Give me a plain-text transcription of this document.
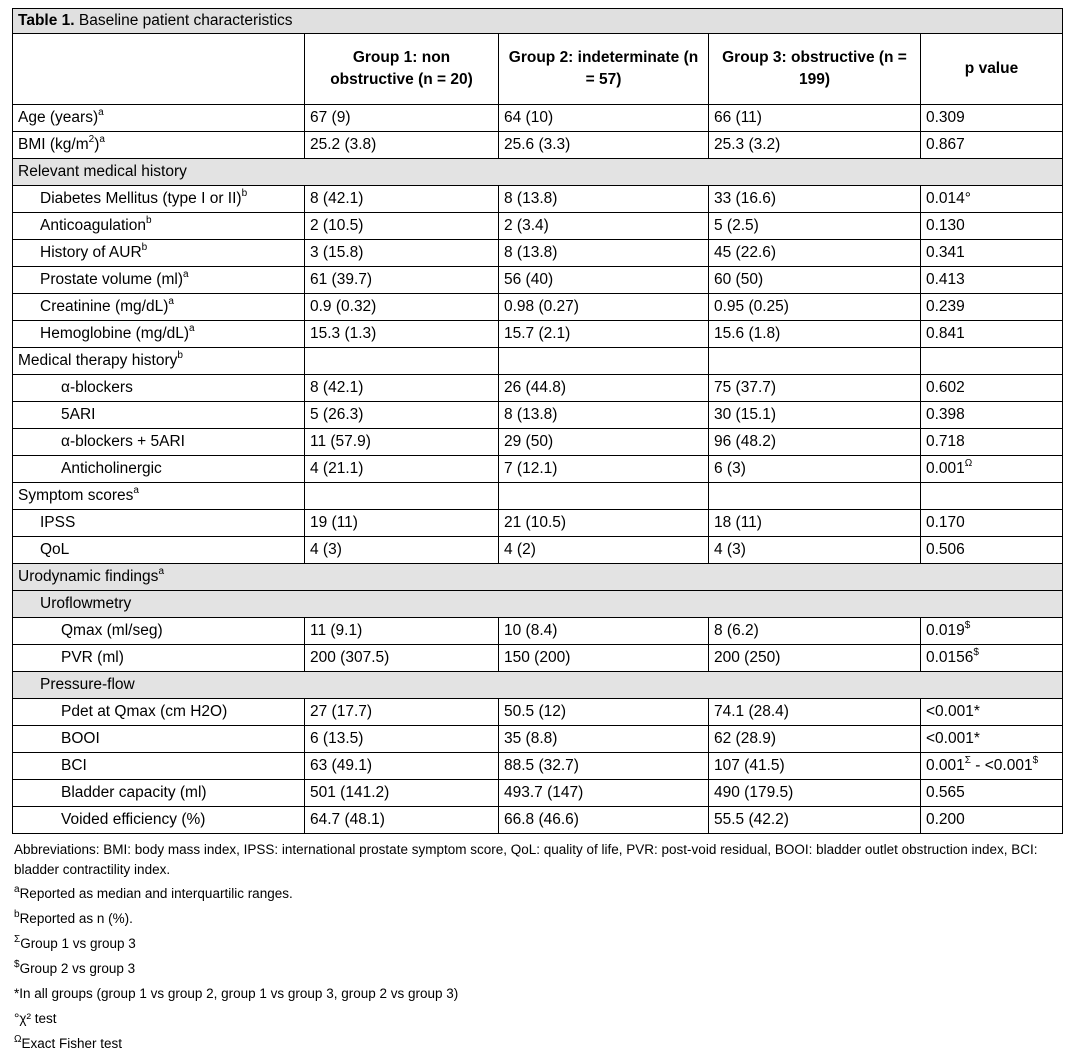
Table 1. Baseline patient characteristics				
	Group 1: non obstructive (n = 20)	Group 2: indeterminate (n = 57)	Group 3: obstructive (n = 199)	p value
Age (years)$^a$	67 (9)	64 (10)	66 (11)	0.309
BMI $(kg/m^2)^a$	25.2 (3.8)	25.6 (3.3)	25.3 (3.2)	0.867
Relevant medical history				
Diabetes Mellitus (type I or II)$^b$	8 (42.1)	8 (13.8)	33 (16.6)	0.014°
Anticoagulation$^b$	2 (10.5)	2 (3.4)	5 (2.5)	0.130
History of AUR$^b$	3 (15.8)	8 (13.8)	45 (22.6)	0.341
Prostate volume (ml)$^a$	61 (39.7)	56 (40)	60 (50)	0.413
Creatinine $(mg/dL)^a$	0.9 (0.32)	0.98 (0.27)	0.95 (0.25)	0.239
Hemoglobine $(mg/dL)^a$	15.3 (1.3)	15.7 (2.1)	15.6 (1.8)	0.841
Medical therapy history$^b$				
α-blockers	8 (42.1)	26 (44.8)	75 (37.7)	0.602
5ARI	5 (26.3)	8 (13.8)	30 (15.1)	0.398
α-blockers + 5ARI	11 (57.9)	29 (50)	96 (48.2)	0.718
Anticholinergic	4 (21.1)	7 (12.1)	6 (3)	$0.001^\Omega$
Symptom scores$^a$				
IPSS	19 (11)	21 (10.5)	18 (11)	0.170
QoL	4 (3)	4 (2)	4 (3)	0.506
Urodynamic findings$^a$
Uroflowmetry				
Qmax (ml/seg)	11 (9.1)	10 (8.4)	8 (6.2)	0.019$
PVR (ml)	200 (307.5)	150 (200)	200 (250)	0.0156$
Pressure-flow				
Pdet at Qmax (cm H2O)	27 (17.7)	50.5 (12)	74.1 (28.4)	<0.001*
BOOI	6 (13.5)	35 (8.8)	62 (28.9)	<0.001*
BCI	63 (49.1)	88.5 (32.7)	107 (41.5)	$0.001^\Sigma - <0.001^{\$}$
Bladder capacity (ml)	501 (141.2)	493.7 (147)	490 (179.5)	0.565
Voided efficiency (%)	64.7 (48.1)	66.8 (46.6)	55.5 (42.2)	0.200

Abbreviations: BMI: body mass index, IPSS: international prostate symptom score, QoL: quality of life, PVR: post-void residual, BOOI: bladder outlet obstruction index, BCI: bladder contractility index.

$^a$Reported as median and interquartilic ranges.

$^b$Reported as n (%).

$^\Sigma$Group 1 vs group 3

$Group 2 vs group 3

*In all groups (group 1 vs group 2, group 1 vs group 3, group 2 vs group 3)

°χ² test

$^\Omega$Exact Fisher test
